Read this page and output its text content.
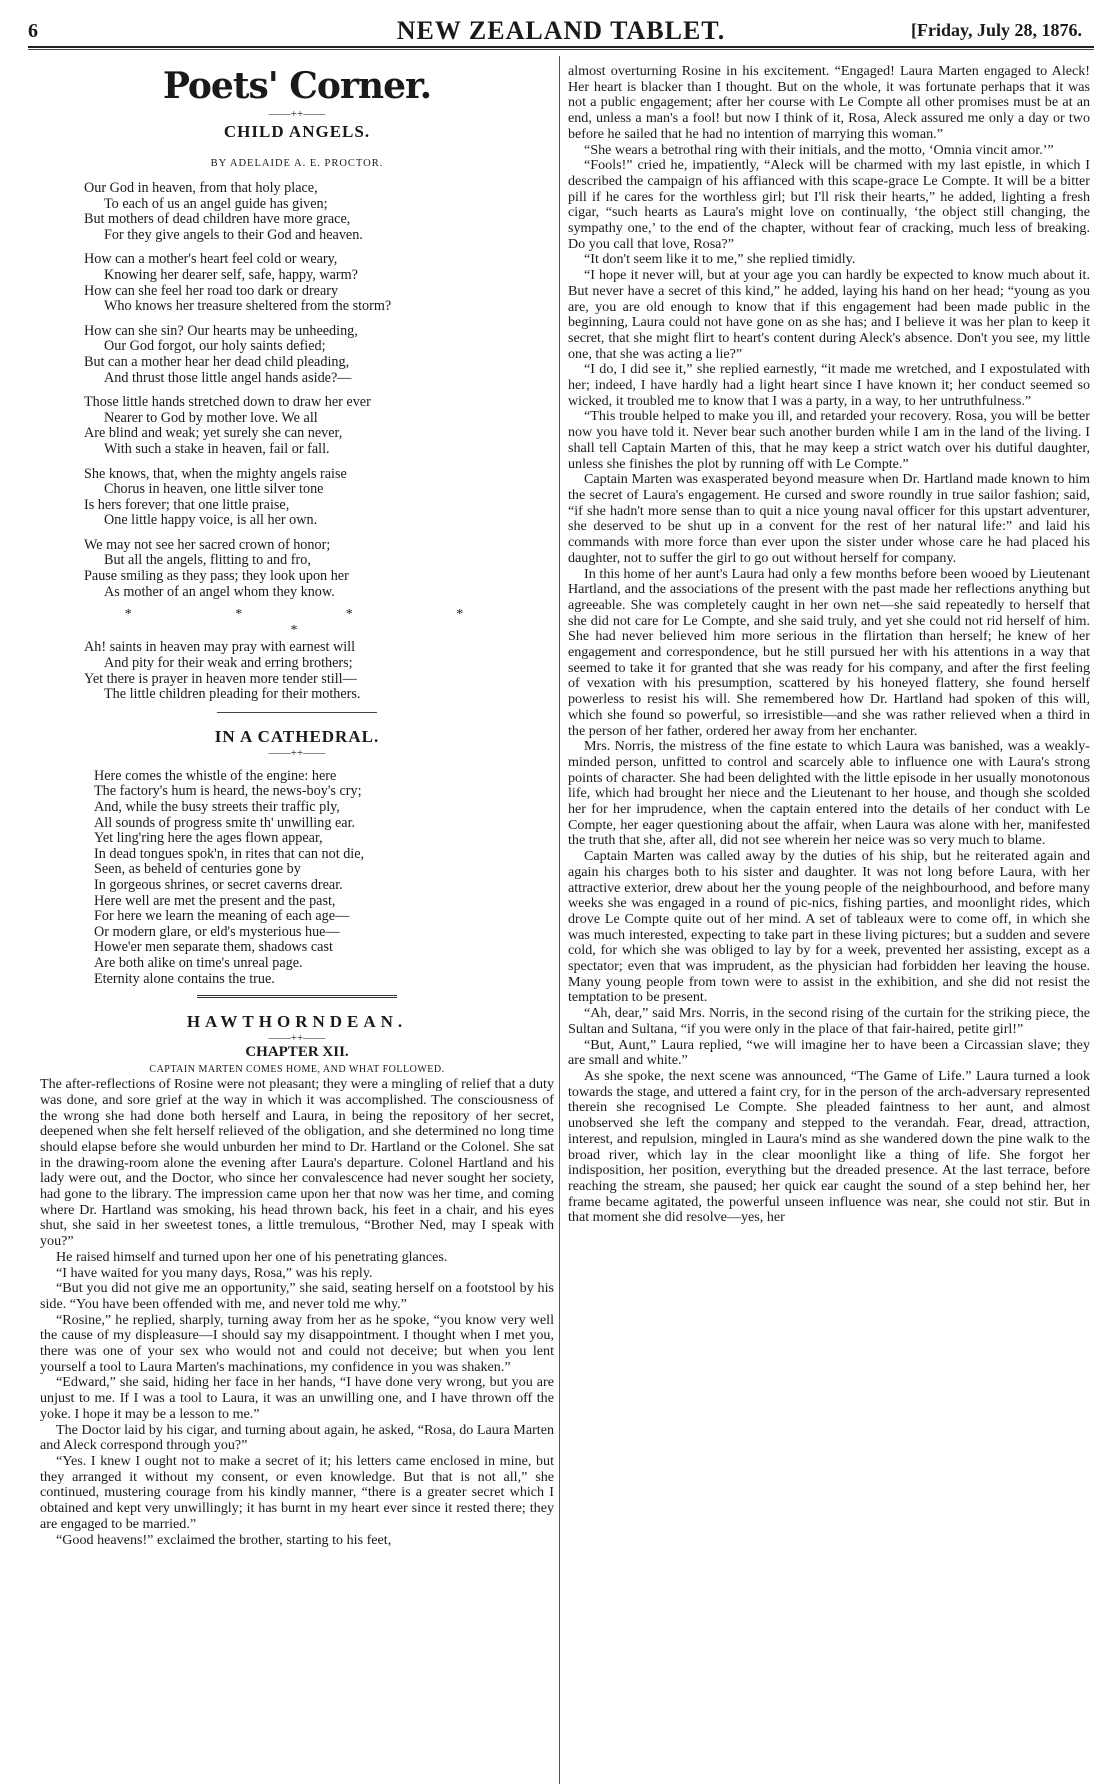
6	NEW ZEALAND TABLET.	[Friday, July 28, 1876.
Poets' Corner.

——++——

CHILD ANGELS.

BY ADELAIDE A. E. PROCTOR.

Our God in heaven, from that holy place,
To each of us an angel guide has given;
But mothers of dead children have more grace,
For they give angels to their God and heaven.

How can a mother's heart feel cold or weary,
Knowing her dearer self, safe, happy, warm?
How can she feel her road too dark or dreary
Who knows her treasure sheltered from the storm?

How can she sin? Our hearts may be unheeding,
Our God forgot, our holy saints defied;
But can a mother hear her dead child pleading,
And thrust those little angel hands aside?—

Those little hands stretched down to draw her ever
Nearer to God by mother love. We all
Are blind and weak; yet surely she can never,
With such a stake in heaven, fail or fall.

She knows, that, when the mighty angels raise
Chorus in heaven, one little silver tone
Is hers forever; that one little praise,
One little happy voice, is all her own.

We may not see her sacred crown of honor;
But all the angels, flitting to and fro,
Pause smiling as they pass; they look upon her
As mother of an angel whom they know.

* * * * *

Ah! saints in heaven may pray with earnest will
And pity for their weak and erring brothers;
Yet there is prayer in heaven more tender still—
The little children pleading for their mothers.

IN A CATHEDRAL.

——++——

Here comes the whistle of the engine: here
The factory's hum is heard, the news-boy's cry;
And, while the busy streets their traffic ply,
All sounds of progress smite th' unwilling ear.
Yet ling'ring here the ages flown appear,
In dead tongues spok'n, in rites that can not die,
Seen, as beheld of centuries gone by
In gorgeous shrines, or secret caverns drear.
Here well are met the present and the past,
For here we learn the meaning of each age—
Or modern glare, or eld's mysterious hue—
Howe'er men separate them, shadows cast
Are both alike on time's unreal page.
Eternity alone contains the true.
HAWTHORNDEAN.

——++——

CHAPTER XII.

CAPTAIN MARTEN COMES HOME, AND WHAT FOLLOWED.

The after-reflections of Rosine were not pleasant; they were a mingling of relief that a duty was done, and sore grief at the way in which it was accomplished. The consciousness of the wrong she had done both herself and Laura, in being the repository of her secret, deepened when she felt herself relieved of the obligation, and she determined no long time should elapse before she would unburden her mind to Dr. Hartland or the Colonel. She sat in the drawing-room alone the evening after Laura's departure. Colonel Hartland and his lady were out, and the Doctor, who since her convalescence had never sought her society, had gone to the library. The impression came upon her that now was her time, and coming where Dr. Hartland was smoking, his head thrown back, his feet in a chair, and his eyes shut, she said in her sweetest tones, a little tremulous, “Brother Ned, may I speak with you?”

He raised himself and turned upon her one of his penetrating glances.

“I have waited for you many days, Rosa,” was his reply.

“But you did not give me an opportunity,” she said, seating herself on a footstool by his side. “You have been offended with me, and never told me why.”

“Rosine,” he replied, sharply, turning away from her as he spoke, “you know very well the cause of my displeasure—I should say my disappointment. I thought when I met you, there was one of your sex who would not and could not deceive; but when you lent yourself a tool to Laura Marten's machinations, my confidence in you was shaken.”

“Edward,” she said, hiding her face in her hands, “I have done very wrong, but you are unjust to me. If I was a tool to Laura, it was an unwilling one, and I have thrown off the yoke. I hope it may be a lesson to me.”

The Doctor laid by his cigar, and turning about again, he asked, “Rosa, do Laura Marten and Aleck correspond through you?”

“Yes. I knew I ought not to make a secret of it; his letters came enclosed in mine, but they arranged it without my consent, or even knowledge. But that is not all,” she continued, mustering courage from his kindly manner, “there is a greater secret which I obtained and kept very unwillingly; it has burnt in my heart ever since it rested there; they are engaged to be married.”

“Good heavens!” exclaimed the brother, starting to his feet,

almost overturning Rosine in his excitement. “Engaged! Laura Marten engaged to Aleck! Her heart is blacker than I thought. But on the whole, it was fortunate perhaps that it was not a public engagement; after her course with Le Compte all other promises must be at an end, unless a man's a fool! but now I think of it, Rosa, Aleck assured me only a day or two before he sailed that he had no intention of marrying this woman.”

“She wears a betrothal ring with their initials, and the motto, ‘Omnia vincit amor.’”

“Fools!” cried he, impatiently, “Aleck will be charmed with my last epistle, in which I described the campaign of his affianced with this scape-grace Le Compte. It will be a bitter pill if he cares for the worthless girl; but I'll risk their hearts,” he added, lighting a fresh cigar, “such hearts as Laura's might love on continually, ‘the object still changing, the sympathy one,’ to the end of the chapter, without fear of cracking, much less of breaking. Do you call that love, Rosa?”

“It don't seem like it to me,” she replied timidly.

“I hope it never will, but at your age you can hardly be expected to know much about it. But never have a secret of this kind,” he added, laying his hand on her head; “young as you are, you are old enough to know that if this engagement had been made public in the beginning, Laura could not have gone on as she has; and I believe it was her plan to keep it secret, that she might flirt to heart's content during Aleck's absence. Don't you see, my little one, that she was acting a lie?”

“I do, I did see it,” she replied earnestly, “it made me wretched, and I expostulated with her; indeed, I have hardly had a light heart since I have known it; her conduct seemed so wicked, it troubled me to know that I was a party, in a way, to her untruthfulness.”

“This trouble helped to make you ill, and retarded your recovery. Rosa, you will be better now you have told it. Never bear such another burden while I am in the land of the living. I shall tell Captain Marten of this, that he may keep a strict watch over his dutiful daughter, unless she finishes the plot by running off with Le Compte.”

Captain Marten was exasperated beyond measure when Dr. Hartland made known to him the secret of Laura's engagement. He cursed and swore roundly in true sailor fashion; said, “if she hadn't more sense than to quit a nice young naval officer for this upstart adventurer, she deserved to be shut up in a convent for the rest of her natural life:” and laid his commands with more force than ever upon the sister under whose care he had placed his daughter, not to suffer the girl to go out without herself for company.

In this home of her aunt's Laura had only a few months before been wooed by Lieutenant Hartland, and the associations of the present with the past made her reflections anything but agreeable. She was completely caught in her own net—she said repeatedly to herself that she did not care for Le Compte, and she said truly, and yet she could not rid herself of him. She had never believed him more serious in the flirtation than herself; he knew of her engagement and correspondence, but he still pursued her with his attentions in a way that seemed to take it for granted that she was ready for his company, and after the first feeling of vexation with his presumption, scattered by his honeyed flattery, she found herself powerless to resist his will. She remembered how Dr. Hartland had spoken of this will, which she found so powerful, so irresistible—and she was rather relieved when a third in the person of her father, ordered her away from her enchanter.

Mrs. Norris, the mistress of the fine estate to which Laura was banished, was a weakly-minded person, unfitted to control and scarcely able to influence one with Laura's strong points of character. She had been delighted with the little episode in her usually monotonous life, which had brought her niece and the Lieutenant to her house, and though she scolded her for her imprudence, when the captain entered into the details of her conduct with Le Compte, her eager questioning about the affair, when Laura was alone with her, manifested the truth that she, after all, did not see wherein her neice was so very much to blame.

Captain Marten was called away by the duties of his ship, but he reiterated again and again his charges both to his sister and daughter. It was not long before Laura, with her attractive exterior, drew about her the young people of the neighbourhood, and before many weeks she was engaged in a round of pic-nics, fishing parties, and moonlight rides, which drove Le Compte quite out of her mind. A set of tableaux were to come off, in which she was much interested, expecting to take part in these living pictures; but a sudden and severe cold, for which she was obliged to lay by for a week, prevented her assisting, except as a spectator; even that was imprudent, as the physician had forbidden her leaving the house. Many young people from town were to assist in the exhibition, and she did not resist the temptation to be present.

“Ah, dear,” said Mrs. Norris, in the second rising of the curtain for the striking piece, the Sultan and Sultana, “if you were only in the place of that fair-haired, petite girl!”

“But, Aunt,” Laura replied, “we will imagine her to have been a Circassian slave; they are small and white.”

As she spoke, the next scene was announced, “The Game of Life.” Laura turned a look towards the stage, and uttered a faint cry, for in the person of the arch-adversary represented therein she recognised Le Compte. She pleaded faintness to her aunt, and almost unobserved she left the company and stepped to the verandah. Fear, dread, attraction, interest, and repulsion, mingled in Laura's mind as she wandered down the pine walk to the broad river, which lay in the clear moonlight like a thing of life. She forgot her indisposition, her position, everything but the dreaded presence. At the last terrace, before reaching the stream, she paused; her quick ear caught the sound of a step behind her, her frame became agitated, the powerful unseen influence was near, she could not stir. But in that moment she did resolve—yes, her
